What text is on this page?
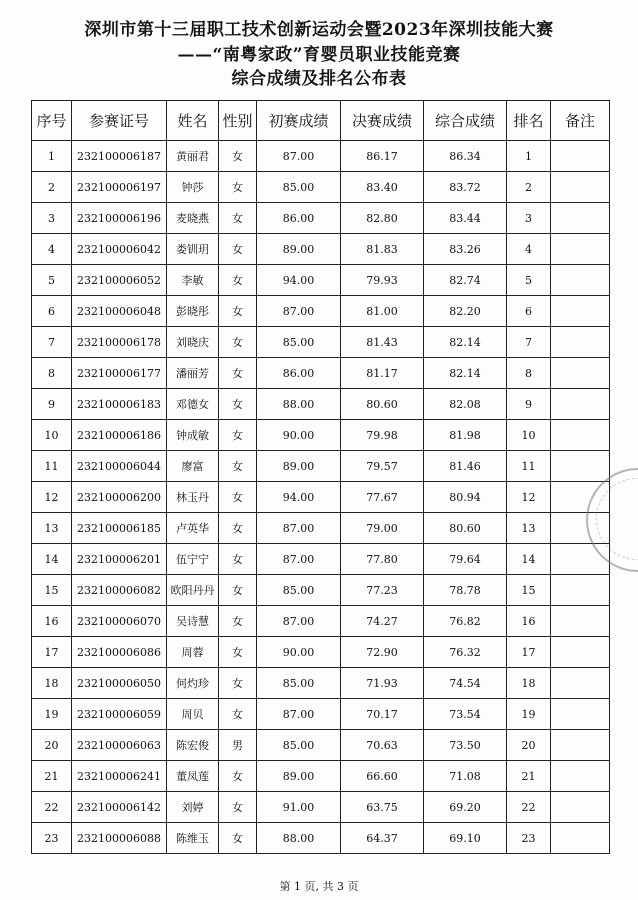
深圳市第十三届职工技术创新运动会暨2023年深圳技能大赛
——“南粤家政”育婴员职业技能竞赛
综合成绩及排名公布表
序号	参赛证号	姓名	性别	初赛成绩	决赛成绩	综合成绩	排名	备注
1	232100006187	黄丽君	女	87.00	86.17	86.34	1	
2	232100006197	钟莎	女	85.00	83.40	83.72	2	
3	232100006196	麦晓燕	女	86.00	82.80	83.44	3	
4	232100006042	娄钏玥	女	89.00	81.83	83.26	4	
5	232100006052	李敏	女	94.00	79.93	82.74	5	
6	232100006048	彭晓彤	女	87.00	81.00	82.20	6	
7	232100006178	刘晓庆	女	85.00	81.43	82.14	7	
8	232100006177	潘丽芳	女	86.00	81.17	82.14	8	
9	232100006183	邓德女	女	88.00	80.60	82.08	9	
10	232100006186	钟成敏	女	90.00	79.98	81.98	10	
11	232100006044	廖富	女	89.00	79.57	81.46	11	
12	232100006200	林玉丹	女	94.00	77.67	80.94	12	
13	232100006185	卢英华	女	87.00	79.00	80.60	13	
14	232100006201	伍宁宁	女	87.00	77.80	79.64	14	
15	232100006082	欧阳丹丹	女	85.00	77.23	78.78	15	
16	232100006070	吴诗慧	女	87.00	74.27	76.82	16	
17	232100006086	周蓉	女	90.00	72.90	76.32	17	
18	232100006050	何灼珍	女	85.00	71.93	74.54	18	
19	232100006059	周贝	女	87.00	70.17	73.54	19	
20	232100006063	陈宏俊	男	85.00	70.63	73.50	20	
21	232100006241	董凤莲	女	89.00	66.60	71.08	21	
22	232100006142	刘婷	女	91.00	63.75	69.20	22	
23	232100006088	陈维玉	女	88.00	64.37	69.10	23	
第 1 页, 共 3 页
